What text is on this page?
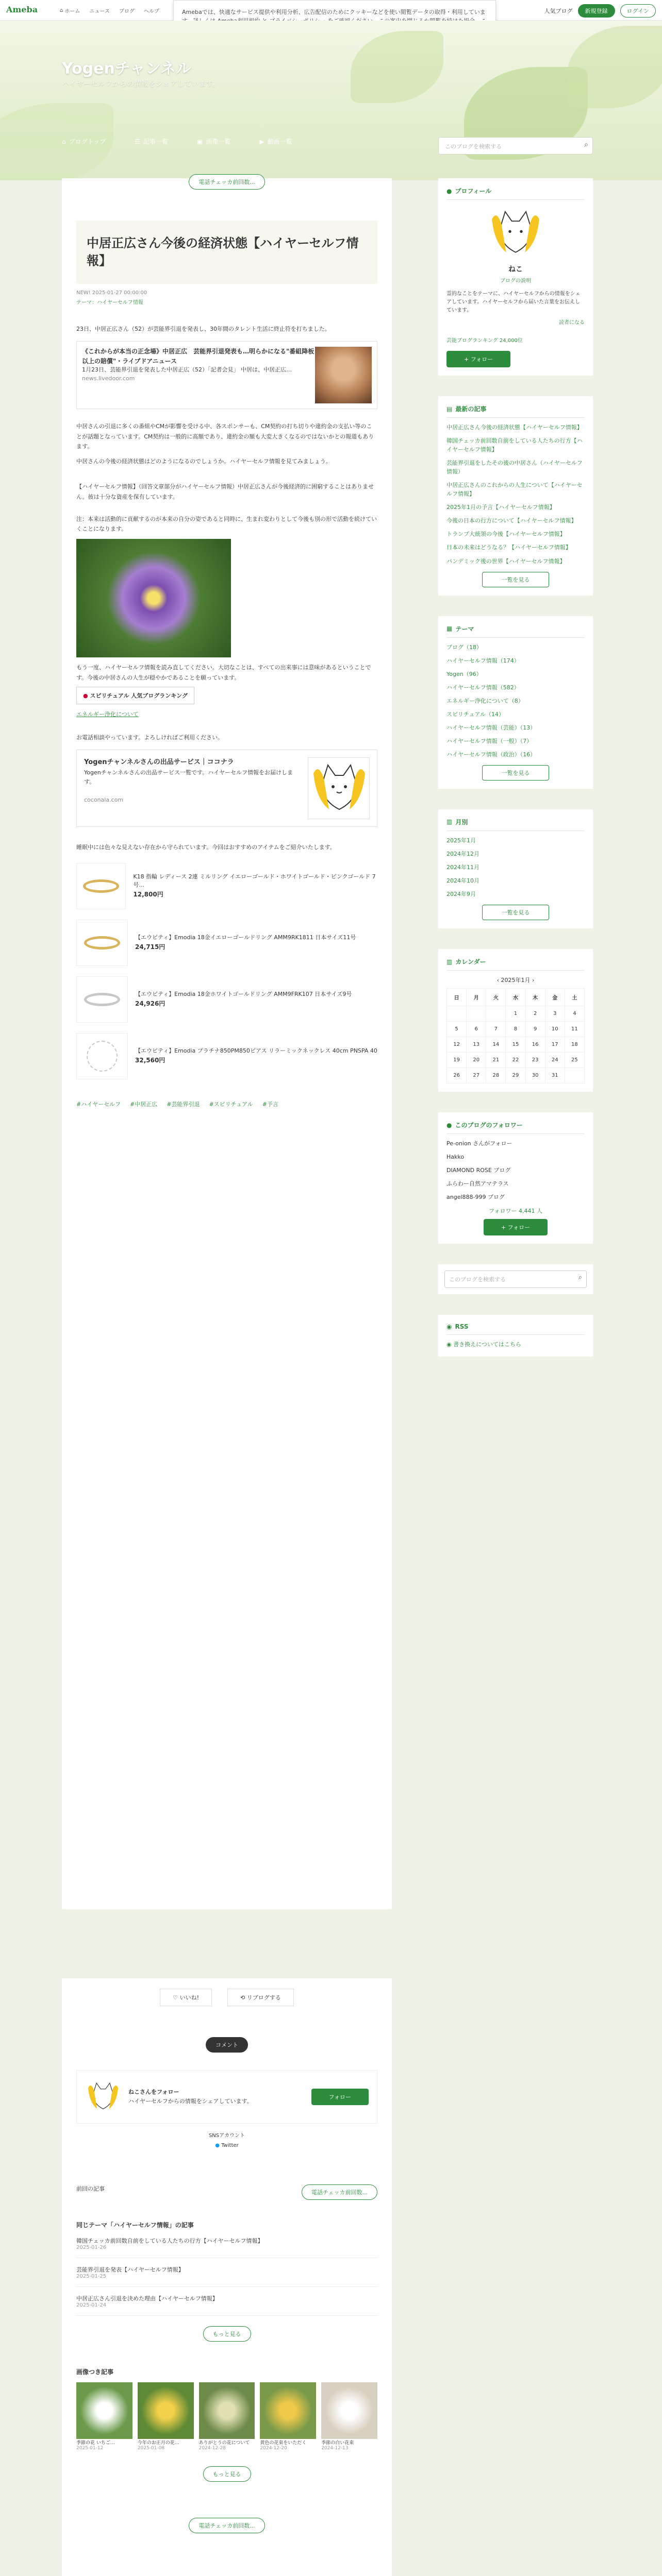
Ameba	⌂ ホーム ニュース ブログ ヘルプ	Amebaでは、快適なサービス提供や利用分析、広告配信のためにクッキーなどを使い閲覧データの取得・利用していま	人気ブログ	新規登録	ログイン
Yogenチャンネル
ハイヤーセルフからの情報をシェアしています。
⌂ ブログトップ	☰ 記事一覧	▣ 画像一覧	▶ 動画一覧
このブログを検索する	⌕
電話チェッカ前回数...
中居正広さん今後の経済状態【ハイヤーセルフ情報】
NEW! 2025-01-27 00:00:00
テーマ：ハイヤーセルフ情報

23日、中居正広さん（52）が芸能界引退を発表し、30年間のタレント生活に終止符を打ちました。

《これからが本当の正念場》中居正広　芸能界引退発表も…明らかになる"番組降板以上の賠償"・ライブドアニュース
1月23日、芸能界引退を発表した中居正広（52）「記者会見」 中居は、中居正広…
news.livedoor.com

中居さんの引退に多くの番組やCMが影響を受ける中、各スポンサーも、CM契約の打ち切りや違約金の支払い等のことが話題となっています。CM契約は一般的に高額であり、違約金の額も大変大きくなるのではないかとの報道もあります。

中居さんの今後の経済状態はどのようになるのでしょうか。ハイヤーセルフ情報を見てみましょう。

【ハイヤーセルフ情報】（回答文章部分がハイヤーセルフ情報）中居正広さんが今後経済的に困窮することはありません。彼は十分な資産を保有しています。

注：本来は活動的に貢献するのが本来の自分の姿であると同時に、生まれ変わりとして今後も別の形で活動を続けていくことになります。

もう一度、ハイヤーセルフ情報を読み直してください。大切なことは、すべての出来事には意味があるということです。今後の中居さんの人生が穏やかであることを願っています。

● スピリチュアル 人気ブログランキング

エネルギー浄化について

お電話相談やっています。よろしければご利用ください。

Yogenチャンネルさんの出品サービス｜ココナラ
Yogenチャンネルさんの出品サービス一覧です。ハイヤーセルフ情報をお届けします。

coconala.com

睡眠中には色々な見えない存在から守られています。今回はおすすめのアイテムをご紹介いたします。

K18 指輪 レディース 2連 ミルリング イエローゴールド・ホワイトゴールド・ピンクゴールド 7号...
12,800円
【エウピティ】Emodia 18金イエローゴールドリング AMM9RK1811 日本サイズ11号
24,715円
【エウピティ】Emodia 18金ホワイトゴールドリング AMM9FRK107 日本サイズ9号
24,926円
【エウピティ】Emodia プラチナ850PM850ピアス リラーミックネックレス 40cm PNSPA 40
32,560円
#ハイヤーセルフ #中居正広 #芸能界引退 #スピリチュアル #予言
● プロフィール
ねこ
ブログの説明

霊的なことをテーマに、ハイヤーセルフからの情報をシェアしています。ハイヤーセルフから届いた言葉をお伝えしています。

読者になる
芸能ブログランキング 24,000位
+ フォロー
▤ 最新の記事
中居正広さん今後の経済状態【ハイヤーセルフ情報】
韓国チェッカ前回数自前をしている人たちの行方【ハイヤーセルフ情報】
芸能界引退をしたその後の中居さん（ハイヤーセルフ情報）
中居正広さんのこれからの人生について【ハイヤーセルフ情報】
2025年1月の予言【ハイヤーセルフ情報】
今後の日本の行方について【ハイヤーセルフ情報】
トランプ大統領の今後【ハイヤーセルフ情報】
日本の未来はどうなる？【ハイヤーセルフ情報】
パンデミック後の世界【ハイヤーセルフ情報】
一覧を見る
▦ テーマ
ブログ（18）
ハイヤーセルフ情報（174）
Yogen（96）
ハイヤーセルフ情報（582）
エネルギー浄化について（8）
スピリチュアル（14）
ハイヤーセルフ情報（芸能）（13）
ハイヤーセルフ情報（一般）（7）
ハイヤーセルフ情報（政治）（16）
一覧を見る
▥ 月別
2025年1月
2024年12月
2024年11月
2024年10月
2024年9月
一覧を見る
▥ カレンダー
‹ 2025年1月 ›
日	月	火	水	木	金	土
			1	2	3	4
5	6	7	8	9	10	11
12	13	14	15	16	17	18
19	20	21	22	23	24	25
26	27	28	29	30	31	
● このブログのフォロワー
Pe-onion さんがフォロー
Hakko
DIAMOND ROSE ブログ
ふらわー自然アマテラス
angel888-999 ブログ
フォロワー 4,441 人
+ フォロー
このブログを検索する	⌕
◉ RSS
◉ 書き換えについてはこちら
♡ いいね!	⟲ リブログする
コメント
ねこさんをフォロー
ハイヤーセルフからの情報をシェアしています。
フォロー
SNSアカウント
● Twitter
前回の記事
電話チェッカ前回数...
同じテーマ「ハイヤーセルフ情報」の記事
韓国チェッカ前回数自前をしている人たちの行方【ハイヤーセルフ情報】
2025-01-26
芸能界引退を発表【ハイヤーセルフ情報】
2025-01-25
中居正広さん引退を決めた理由【ハイヤーセルフ情報】
2025-01-24
もっと見る
画像つき記事
季節の花 いちご…
2025-01-12
今年のお正月の花…
2025-01-08
ありがとうの花について
2024-12-28
黄色の花束をいただく
2024-12-20
季節の白い花束
2024-12-13
もっと見る
電話チェッカ前回数...
